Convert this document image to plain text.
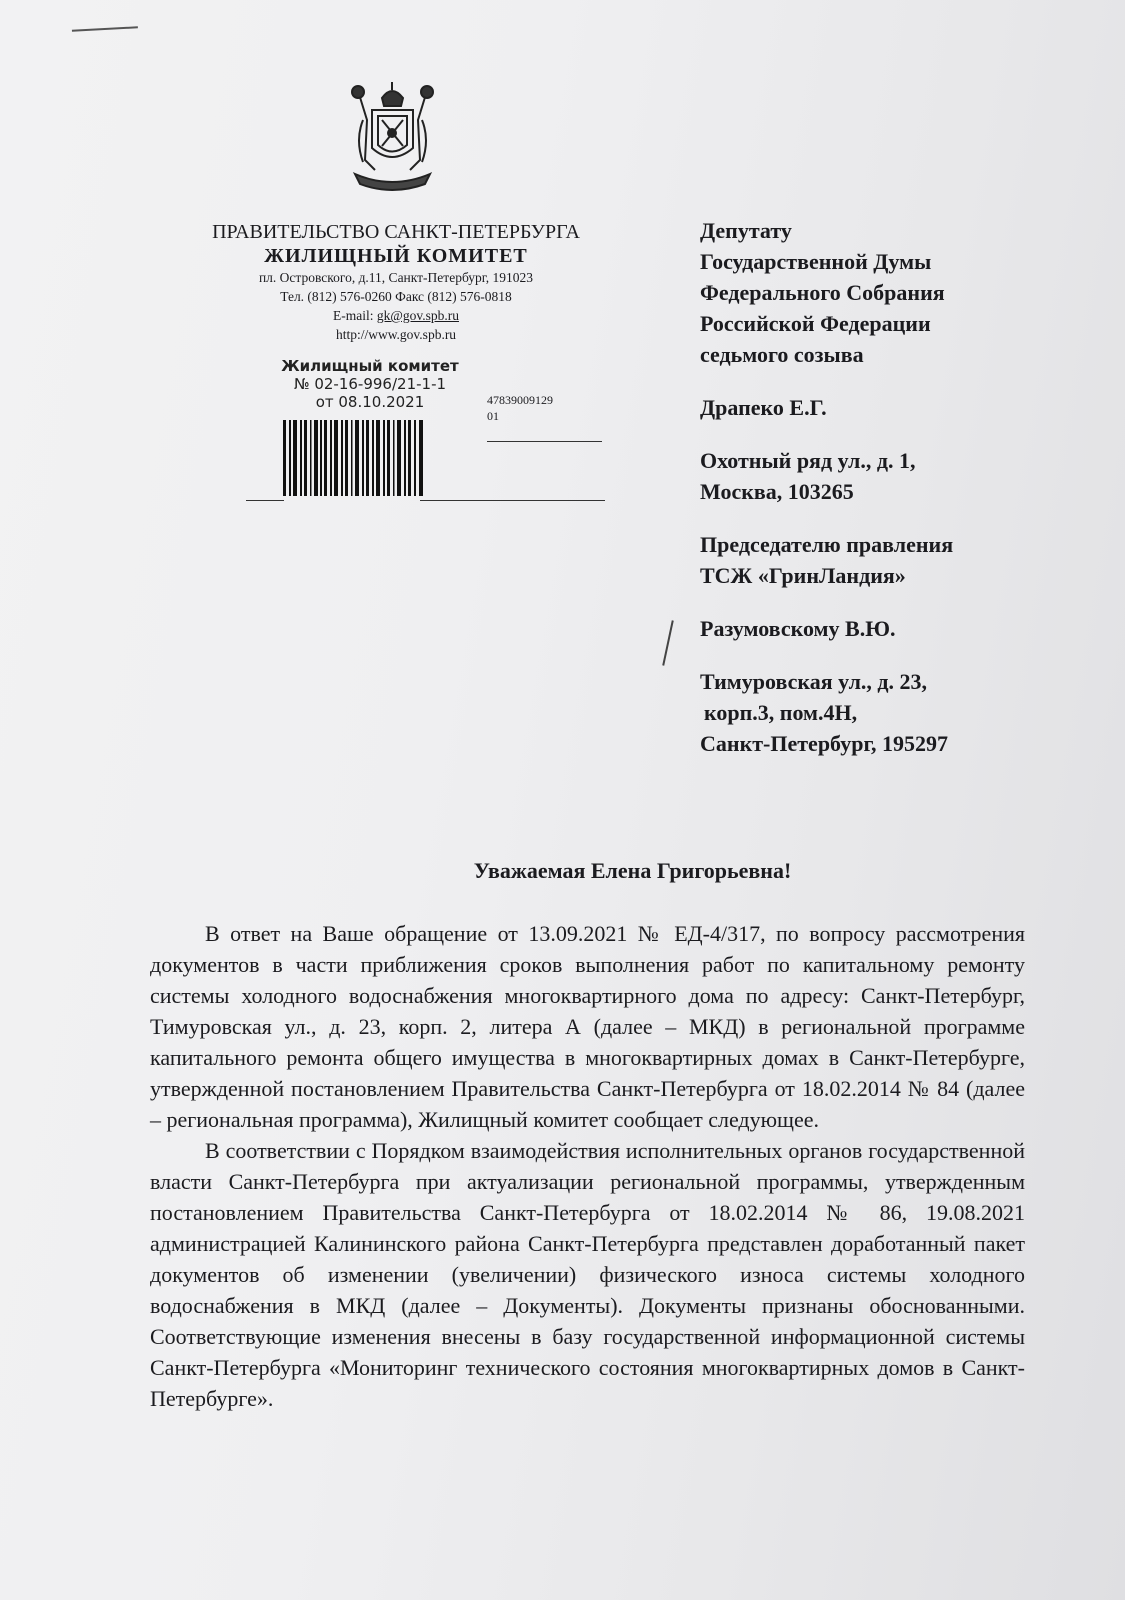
ПРАВИТЕЛЬСТВО САНКТ-ПЕТЕРБУРГА
ЖИЛИЩНЫЙ КОМИТЕТ
пл. Островского, д.11, Санкт-Петербург, 191023
Тел. (812) 576-0260 Факс (812) 576-0818
E-mail: gk@gov.spb.ru
http://www.gov.spb.ru
Жилищный комитет
№ 02-16-996/21-1-1
от 08.10.2021	47839009129
01
Депутату
Государственной Думы
Федерального Собрания
Российской Федерации
седьмого созыва
Драпеко Е.Г.
Охотный ряд ул., д. 1,
Москва, 103265
Председателю правления
ТСЖ «ГринЛандия»
Разумовскому В.Ю.
Тимуровская ул., д. 23,
корп.3, пом.4Н,
Санкт-Петербург, 195297
Уважаемая Елена Григорьевна!

В ответ на Ваше обращение от 13.09.2021 № ЕД-4/317, по вопросу рассмотрения документов в части приближения сроков выполнения работ по капитальному ремонту системы холодного водоснабжения многоквартирного дома по адресу: Санкт-Петербург, Тимуровская ул., д. 23, корп. 2, литера А (далее – МКД) в региональной программе капитального ремонта общего имущества в многоквартирных домах в Санкт-Петербурге, утвержденной постановлением Правительства Санкт-Петербурга от 18.02.2014 № 84 (далее – региональная программа), Жилищный комитет сообщает следующее.

В соответствии с Порядком взаимодействия исполнительных органов государственной власти Санкт-Петербурга при актуализации региональной программы, утвержденным постановлением Правительства Санкт-Петербурга от 18.02.2014 № 86, 19.08.2021 администрацией Калининского района Санкт-Петербурга представлен доработанный пакет документов об изменении (увеличении) физического износа системы холодного водоснабжения в МКД (далее – Документы). Документы признаны обоснованными. Соответствующие изменения внесены в базу государственной информационной системы Санкт-Петербурга «Мониторинг технического состояния многоквартирных домов в Санкт-Петербурге».
